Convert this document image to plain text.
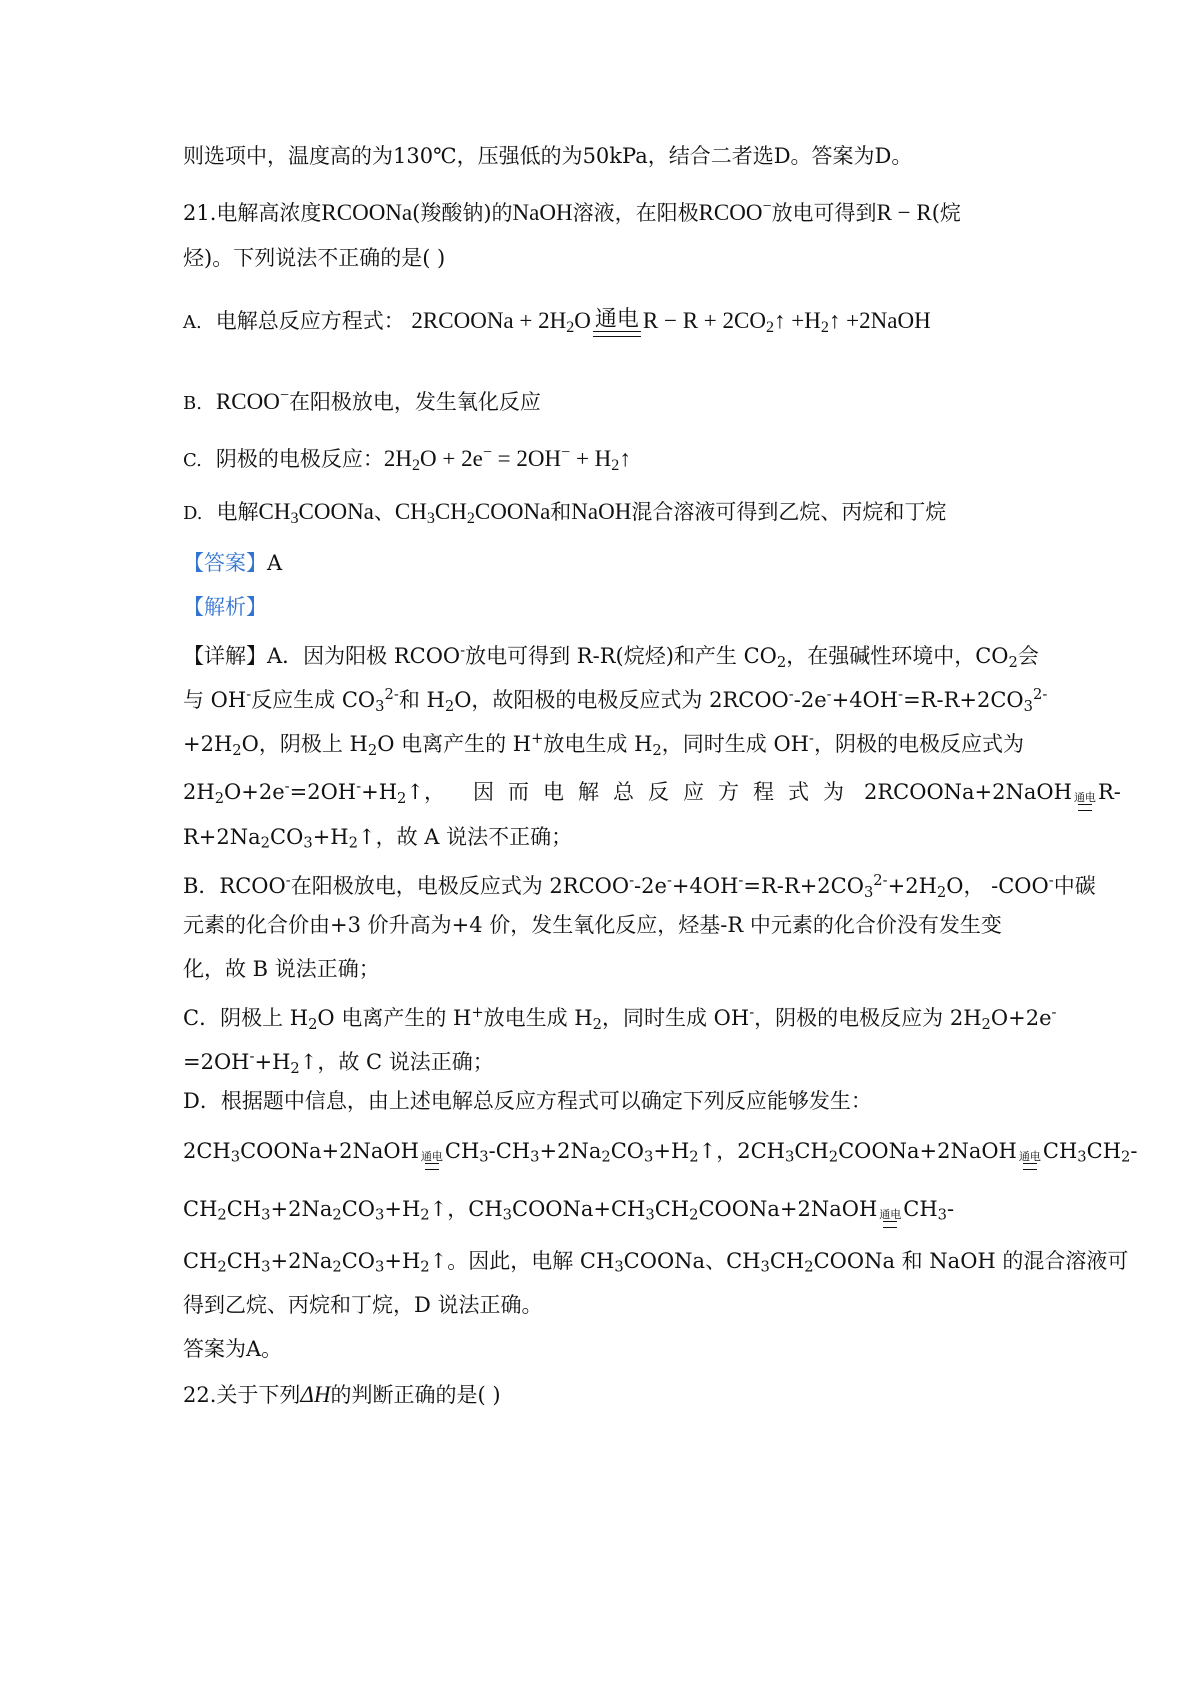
则选项中，温度高的为130℃，压强低的为50kPa，结合二者选D。答案为D。
21.电解高浓度RCOONa(羧酸钠)的NaOH溶液，在阳极RCOO−放电可得到R − R(烷
烃)。下列说法不正确的是( )
A. 电解总反应方程式： 2RCOONa + $2H_2O$ 通电 $R - R + 2CO_2↑$ $+H_2↑$ +2NaOH
B. RCOO−在阳极放电，发生氧化反应
C. 阴极的电极反应：$2H_2O + 2e^- = 2OH^-$ + $H_2↑$
D. 电解$CH_3COONa$、$CH_3CH_2COONa$和NaOH混合溶液可得到乙烷、丙烷和丁烷
【答案】A
【解析】
【详解】A．因为阳极 RCOO-放电可得到 R-R(烷烃)和产生 $CO_2$，在强碱性环境中，$CO_2$会
与 OH-反应生成 $CO_3^{2-}$和 $H_2O$，故阳极的电极反应式为 $2RCOO^--2e^-+4OH^-=R-R+2CO_3^{2-}$
$+2H_2O$，阴极上 $H_2O$ 电离产生的 H+放电生成 $H_2$，同时生成 OH-，阴极的电极反应式为
$2H_2O+2e^-=2OH^-+H_2↑$， 因而电解总反应方程式为 2RCOONa+2NaOH 通电 R-
$R+2Na_2CO_3+H_2↑$，故 A 说法不正确；
B．RCOO-在阳极放电，电极反应式为 $2RCOO^--2e^-+4OH^-=R-R+2CO_3^{2-}+2H_2O$， -COO-中碳
元素的化合价由+3 价升高为+4 价，发生氧化反应，烃基-R 中元素的化合价没有发生变
化，故 B 说法正确；
C．阴极上 $H_2O$ 电离产生的 H+放电生成 $H_2$，同时生成 OH-，阴极的电极反应为 $2H_2O+2e^-$
$=2OH^-+H_2↑$，故 C 说法正确；
D．根据题中信息，由上述电解总反应方程式可以确定下列反应能够发生：
$2CH_3COONa+2NaOH$ 通电 $CH_3-CH_3+2Na_2CO_3+H_2↑$，$2CH_3CH_2COONa+2NaOH$ 通电 $CH_3CH_2-$
$CH_2CH_3+2Na_2CO_3+H_2↑$，$CH_3COONa+CH_3CH_2COONa+2NaOH$ 通电 $CH_3-$
$CH_2CH_3+2Na_2CO_3+H_2↑$。因此，电解 $CH_3COONa$、$CH_3CH_2COONa$ 和 NaOH 的混合溶液可
得到乙烷、丙烷和丁烷，D 说法正确。
答案为A。
22.关于下列ΔH的判断正确的是( )
